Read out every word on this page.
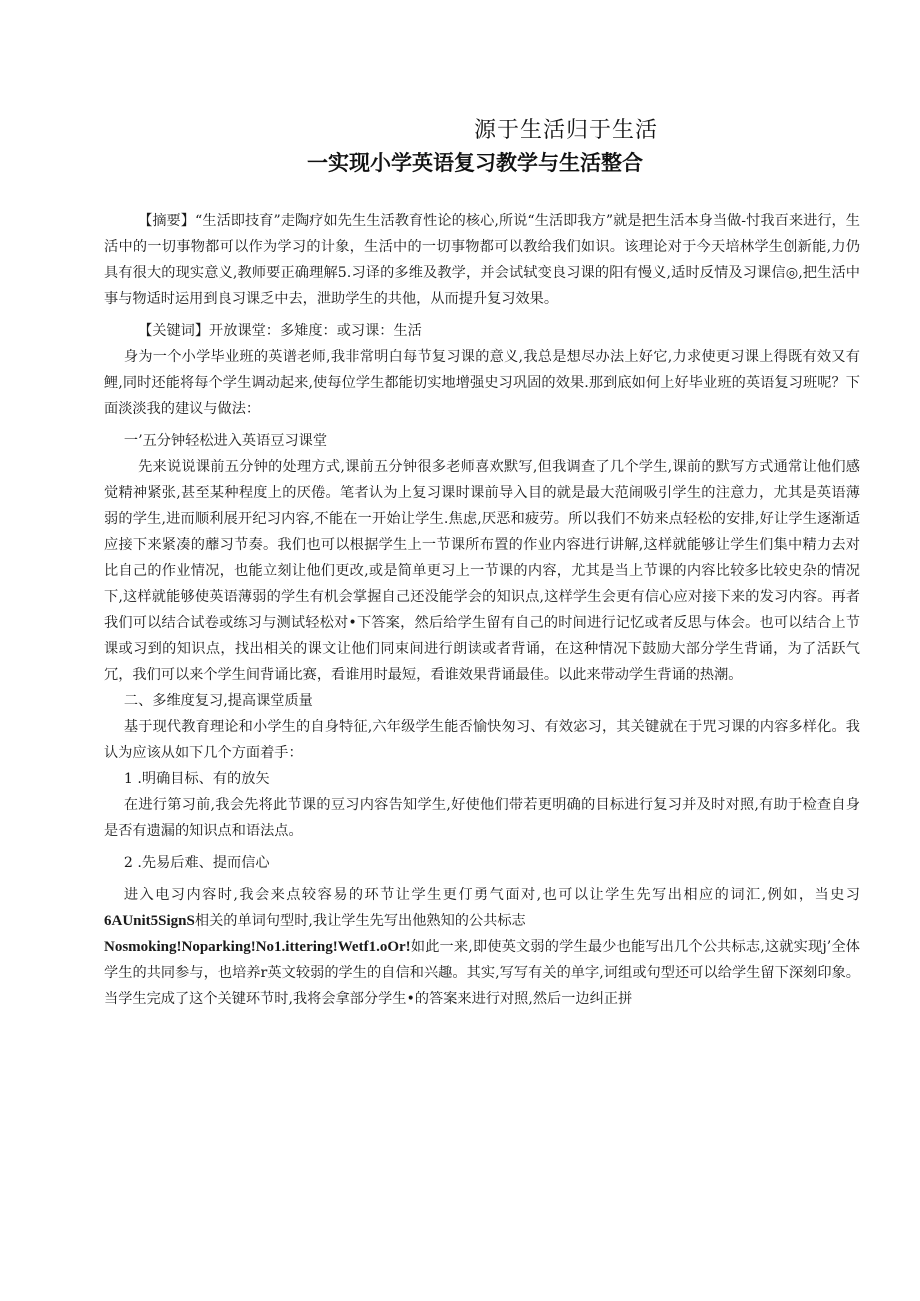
源于生活归于生活
一实现小学英语复习教学与生活整合

【摘要】“生活即技育”走陶疗如先生生活教育性论的核心,所说“生活即我方”就是把生活本身当做-忖我百来进行，生活中的一切事物都可以作为学习的计象，生活中的一切事物都可以教给我们如识。该理论对于今天培林学生创新能,力仍具有很大的现实意义,教师要正确理解5.习译的多维及教学，并会试轼变良习课的阳有慢义,适时反情及习课信◎,把生活中事与物适时运用到良习课乏中去，泄助学生的共他，从而提升复习效果。

【关键词】开放课堂：多雉度：或习课：生活

身为一个小学毕业班的英谱老师,我非常明白每节复习课的意义,我总是想尽办法上好它,力求使更习课上得既有效又有鲤,同时还能将每个学生调动起来,使每位学生都能切实地增强史习巩固的效果.那到底如何上好毕业班的英语复习班呢？下面淡淡我的建议与做法：

一’五分钟轻松进入英语豆习课堂

先来说说课前五分钟的处理方式,课前五分钟很多老师喜欢默写,但我调查了几个学生,课前的默写方式通常让他们感觉精神紧张,甚至某种程度上的厌倦。笔者认为上复习课时课前导入目的就是最大范闹吸引学生的注意力，尤其是英语薄弱的学生,进而顺利展开纪习内容,不能在一开始让学生.焦虑,厌恶和疲劳。所以我们不妨来点轻松的安排,好让学生逐渐适应接下来紧凑的蘼习节奏。我们也可以根据学生上一节课所布置的作业内容进行讲解,这样就能够让学生们集中精力去对比自己的作业情况，也能立刻让他们更改,或是简单更习上一节课的内容，尤其是当上节课的内容比较多比较史杂的情况下,这样就能够使英语薄弱的学生有机会掌握自己还没能学会的知识点,这样学生会更有信心应对接下来的发习内容。再者我们可以结合试卷或练习与测试轻松对•下答案，然后给学生留有自己的时间进行记忆或者反思与体会。也可以结合上节课或习到的知识点，找出相关的课文让他们同束间进行朗读或者背诵，在这种情况下鼓励大部分学生背诵，为了活跃气冗，我们可以来个学生间背诵比赛，看谁用时最短，看谁效果背诵最佳。以此来带动学生背诵的热潮。

二、多维度复习,提高课堂质量

基于现代教育理论和小学生的自身特征,六年级学生能否愉快匆习、有效宓习，其关键就在于咒习课的内容多样化。我认为应该从如下几个方面着手：

1 .明确目标、有的放矢

在进行第习前,我会先将此节课的豆习内容告知学生,好使他们带若更明确的目标进行复习并及时对照,有助于检查自身是否有遗漏的知识点和语法点。

2 .先易后难、提而信心

进入电习内容时,我会来点较容易的环节让学生更仃勇气面对,也可以让学生先写出相应的词汇,例如，当史习6AUnit5SignS相关的单词句型时,我让学生先写出他熟知的公共标志
Nosmoking!Noparking!No1.ittering!Wetf1.oOr!如此一来,即使英文弱的学生最少也能写出几个公共标志,这就实现j’全体学生的共同参与，也培养r英文较弱的学生的自信和兴趣。其实,写写有关的单字,诃组或句型还可以给学生留下深刻印象。当学生完成了这个关键环节时,我将会拿部分学生•的答案来进行对照,然后一边纠正拼
